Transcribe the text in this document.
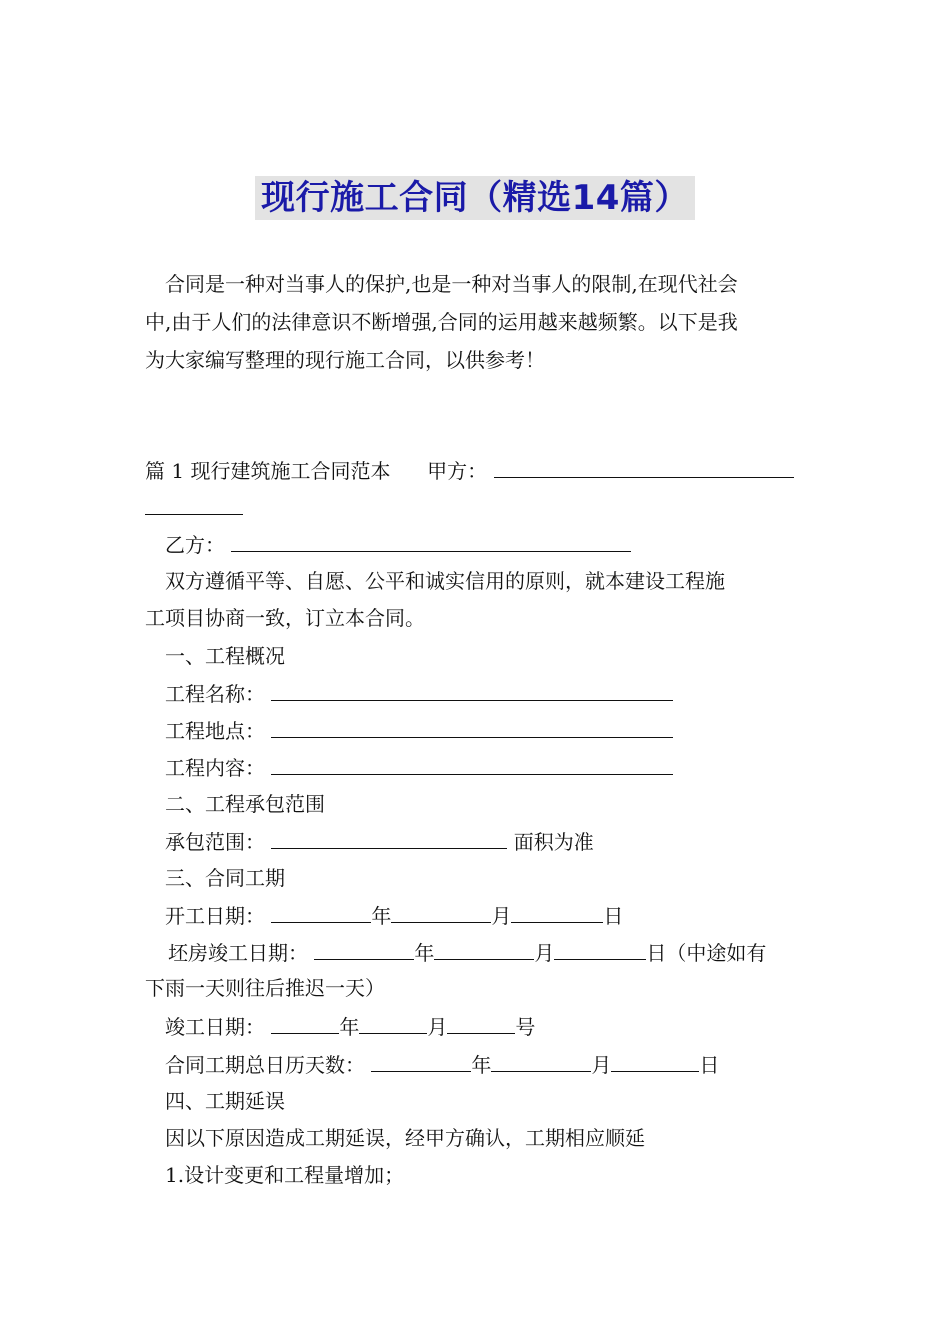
现行施工合同（精选14篇）
合同是一种对当事人的保护,也是一种对当事人的限制,在现代社会
中,由于人们的法律意识不断增强,合同的运用越来越频繁。以下是我
为大家编写整理的现行施工合同，以供参考！
篇 1 现行建筑施工合同范本 甲方：
乙方：
双方遵循平等、自愿、公平和诚实信用的原则，就本建设工程施
工项目协商一致，订立本合同。
一、工程概况
工程名称：
工程地点：
工程内容：
二、工程承包范围
承包范围：	面积为准
三、合同工期
开工日期：	年	月	日
坯房竣工日期：	年	月	日（中途如有
下雨一天则往后推迟一天）
竣工日期：	年	月	号
合同工期总日历天数：	年	月	日
四、工期延误
因以下原因造成工期延误，经甲方确认，工期相应顺延
1.设计变更和工程量增加；
